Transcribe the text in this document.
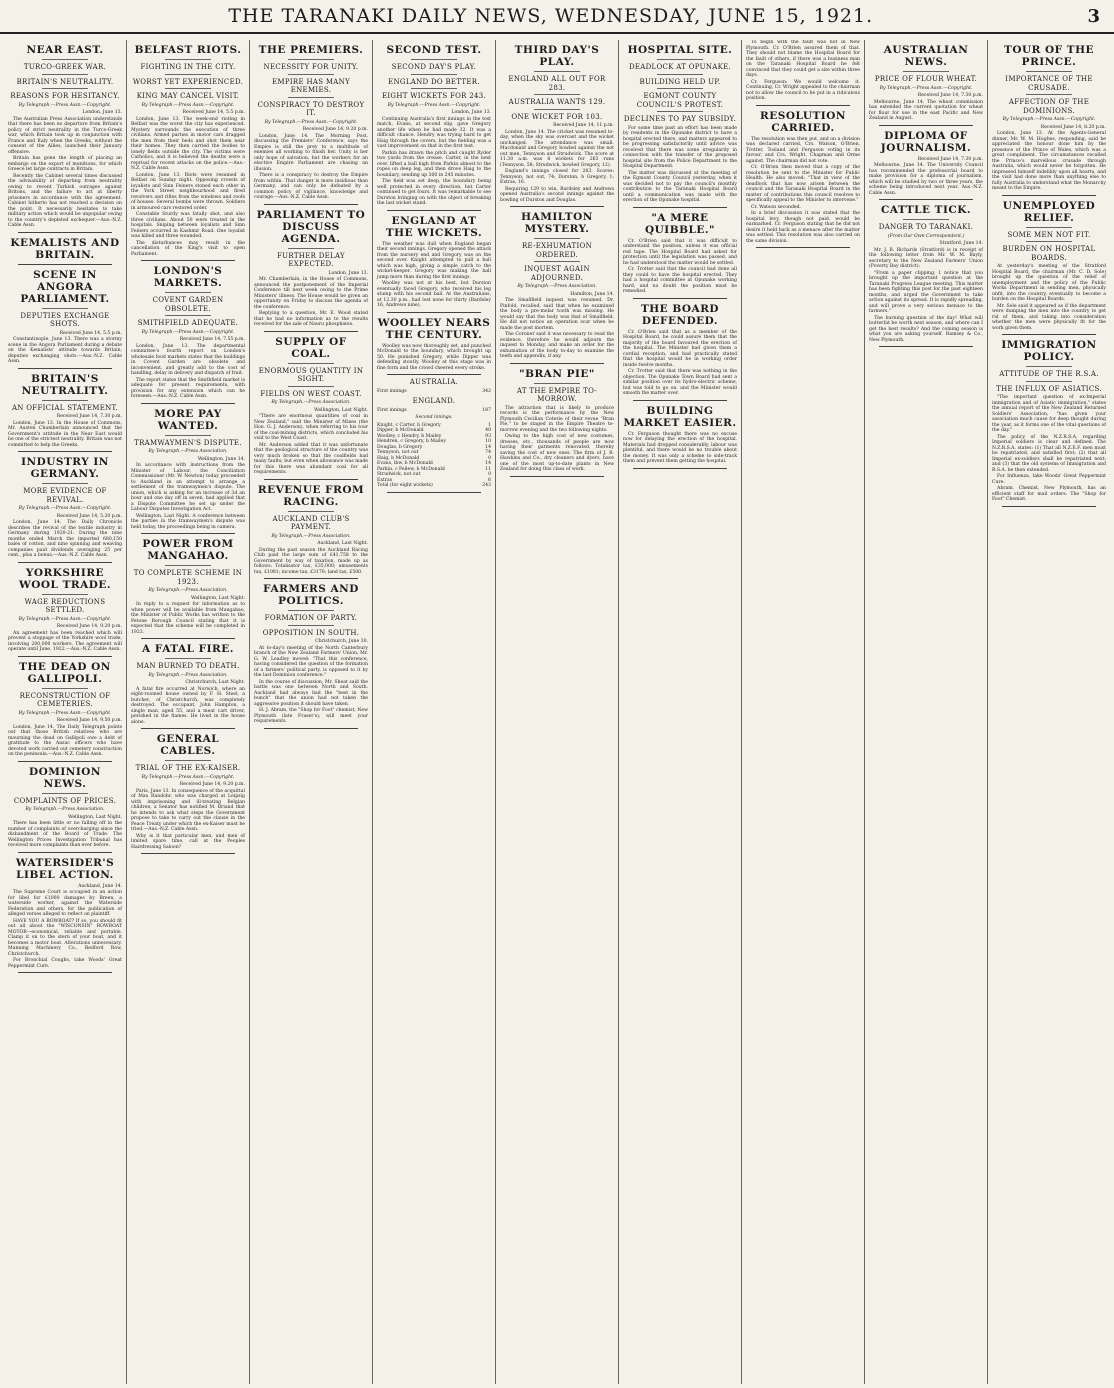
THE TARANAKI DAILY NEWS, WEDNESDAY, JUNE 15, 1921.	3
NEAR EAST.
TURCO-GREEK WAR.
BRITAIN'S NEUTRALITY.
REASONS FOR HESITANCY.
By Telegraph.—Press Assn.—Copyright.
London, June 13.

The Australian Press Association understands that there has been no departure from Britain's policy of strict neutrality in the Turco-Greek war, which Britain took up in conjunction with France and Italy when the Greeks, without the consent of the Allies, launched their January offensive.

Britain has gone the length of placing an embargo on the export of munitions, for which Greece let large contracts in Britain.

Recently the Cabinet several times discussed the advisability of departing from neutrality owing to recent Turkish outrages against Britons, and the failure to act at liberty prisoners in accordance with the agreement. Cabinet hitherto has not reached a decision on the point. It necessarily hesitates to take military action which would be unpopular owing to the country's depleted exchequer.—Aus.-N.Z. Cable Assn.

KEMALISTS AND BRITAIN.
SCENE IN ANGORA PARLIAMENT.
DEPUTIES EXCHANGE SHOTS.
Received June 14, 5.5 p.m.

Constantinople, June 13. There was a stormy scene in the Angora Parliament during a debate on the Kemalists' attitude towards Britain, deputies exchanging shots.—Aus.-N.Z. Cable Assn.

BRITAIN'S NEUTRALITY.
AN OFFICIAL STATEMENT.
Received June 14, 7.30 p.m.

London, June 13. In the House of Commons, Mr. Austen Chamberlain announced that the Government's attitude in the Near East would be one of the strictest neutrality. Britain was not committed to help the Greeks.

INDUSTRY IN GERMANY.
MORE EVIDENCE OF REVIVAL.
By Telegraph.—Press Assn.—Copyright.
Received June 14, 5.20 p.m.

London, June 14. The Daily Chronicle describes the revival of the textile industry in Germany during 1920-21. During the nine months ended March the imported 680,150 bales of cotton, and nine spinning and weaving companies paid dividends averaging 25 per cent., plus a bonus.—Aus.-N.Z. Cable Assn.

YORKSHIRE WOOL TRADE.
WAGE REDUCTIONS SETTLED.
By Telegraph.—Press Assn.—Copyright.
Received June 14, 9.20 p.m.

An agreement has been reached which will prevent a stoppage of the Yorkshire wool trade, involving 200,000 workers. The agreement will operate until June, 1922.—Aus.-N.Z. Cable Assn.

THE DEAD ON GALLIPOLI.
RECONSTRUCTION OF CEMETERIES.
By Telegraph.—Press Assn.—Copyright.
Received June 14, 9.50 p.m.

London, June 14. The Daily Telegraph points out that those British relatives who are mourning the dead on Gallipoli owe a debt of gratitude to the Anzac officers who have devoted work carried out cemetery construction on the peninsula.—Aus.-N.Z. Cable Assn.

DOMINION NEWS.
COMPLAINTS OF PRICES.
By Telegraph.—Press Association.
Wellington, Last Night.

There has been little or no falling off in the number of complaints of overcharging since the disbandment of the Board of Trade. The Wellington Prices Investigation Tribunal has received more complaints than ever before.

WATERSIDER'S LIBEL ACTION.
Auckland, June 14.

The Supreme Court is occupied in an action for libel for £1000 damages by Breen, a waterside worker, against the Waterside Federation and others, for the publication of alleged verses alleged to reflect on plaintiff.

HAVE YOU A ROWBOAT? If so, you should fit out all about the "WISCONSIN" ROWBOAT MOTOR—economical, reliable and portable. Clamp it on to the stern of your boat, and it becomes a motor boat. Alterations unnecessary. Manning Machinery Co., Bedford Row, Christchurch.

For Bronchial Coughs, take Woods' Great Peppermint Cure.

BELFAST RIOTS.
FIGHTING IN THE CITY.
WORST YET EXPERIENCED.
KING MAY CANCEL VISIT.
By Telegraph.—Press Assn.—Copyright.
Received June 14, 5.5 p.m.

London, June 13. The week-end rioting in Belfast was the worst the city has experienced. Mystery surrounds the execution of three civilians. Armed parties in motor cars dragged the men from their beds and shot them near their homes. They then carried the bodies to lonely fields outside the city. The victims were Catholics, and it is believed the deaths were a reprisal for recent attacks on the police.—Aus.-N.Z. Cable Assn.

London, June 13. Riots were resumed in Belfast on Sunday night. Opposing crowds of loyalists and Sinn Feiners stoned each other in the York Street neighbourhood and fired revolvers and rifles from the windows and roofs of houses. Several bombs were thrown. Soldiers in armoured cars restored order.

Constable Sturdy was fatally shot, and also three civilians. About 50 were treated in the hospitals. Sniping between loyalists and Sinn Feiners occurred in Kashmir Road. One loyalist was killed and three wounded.

The disturbances may result in the cancellation of the King's visit to open Parliament.

LONDON'S MARKETS.
COVENT GARDEN OBSOLETE.
SMITHFIELD ADEQUATE.
By Telegraph.—Press Assn.—Copyright.
Received June 14, 7.55 p.m.

London, June 13. The departmental committee's fourth report on London's wholesale food markets states that the buildings in Covent Garden are obsolete and inconvenient, and greatly add to the cost of handling, delay in delivery and dispatch of fruit.

The report states that the Smithfield market is adequate for present requirements, with provision for any extension which can be foreseen.—Aus.-N.Z. Cable Assn.

MORE PAY WANTED.
TRAMWAYMEN'S DISPUTE.
By Telegraph.—Press Association.
Wellington, June 14.

In accordance with instructions from the Minister of Labour, the Conciliation Commissioner (Mr. W. Newton) today proceeded to Auckland in an attempt to arrange a settlement of the tramwaymen's dispute. The union, which is asking for an increase of 3d an hour and one day off in seven, had applied that a Dispute Committee be set up under the Labour Disputes Investigation Act.

Wellington, Last Night. A conference between the parties in the tramwaymen's dispute was held today, the proceedings being in camera.

POWER FROM MANGAHAO.
TO COMPLETE SCHEME IN 1923.
By Telegraph.—Press Association.
Wellington, Last Night.

In reply to a request for information as to when power will be available from Mangahao, the Minister of Public Works has written to the Petone Borough Council stating that it is expected that the scheme will be completed in 1923.

A FATAL FIRE.
MAN BURNED TO DEATH.
By Telegraph.—Press Association.
Christchurch, Last Night.

A fatal fire occurred at Norwich, where an eight-roomed house owned by F. H. Steel, a butcher, of Christchurch, was completely destroyed. The occupant, John Hampton, a single man, aged 55, and a meat cart driver, perished in the flames. He lived in the house alone.

GENERAL CABLES.
TRIAL OF THE EX-KAISER.
By Telegraph.—Press Assn.—Copyright.
Received June 14, 9.20 p.m.

Paris, June 13. In consequence of the acquittal of Max Randohr, who was charged at Leipzig with imprisoning and ill-treating Belgian children, a Senator has notified M. Briand that he intends to ask what steps the Government propose to take to carry out the clause in the Peace Treaty under which the ex-Kaiser must be tried.—Aus.-N.Z. Cable Assn.

Why is it that particular men, and men of limited spare time, call at the Peoples Hairdressing Saloon?

THE PREMIERS.
NECESSITY FOR UNITY.
EMPIRE HAS MANY ENEMIES.
CONSPIRACY TO DESTROY IT.
By Telegraph.—Press Assn.—Copyright.
Received June 14, 9.20 p.m.

London, June 14. The Morning Post, discussing the Premiers' Conference, says the Empire is still the prey to a multitude of enemies all working to finish her. Unity is her only hope of salvation, but the workers for an elective Empire Parliament are chasing an illusion.

There is a conspiracy to destroy the Empire from within. That danger is more insidious than Germany, and can only be defeated by a common policy of vigilance, knowledge and courage.—Aus.-N.Z. Cable Assn.

PARLIAMENT TO DISCUSS AGENDA.
FURTHER DELAY EXPECTED.
London, June 13.

Mr. Chamberlain, in the House of Commons, announced the postponement of the Imperial Conference till next week owing to the Prime Ministers' illness. The House would be given an opportunity on Friday to discuss the agenda of the conference.

Replying to a question, Mr. E. Wood stated that he had no information as to the results received for the sale of Nauru phosphates.

SUPPLY OF COAL.
ENORMOUS QUANTITY IN SIGHT.
FIELDS ON WEST COAST.
By Telegraph.—Press Association.
Wellington, Last Night.

"There are enormous quantities of coal in New Zealand," said the Minister of Mines (the Hon. G. J. Anderson), when referring to his tour of the coal-mining districts, which concluded his visit to the West Coast.

Mr. Anderson added that it was unfortunate that the geological structure of the country was very much broken so that the coalfields had many faults; but even when allowance was made for this there was abundant coal for all requirements.

REVENUE FROM RACING.
AUCKLAND CLUB'S PAYMENT.
By Telegraph.—Press Association.
Auckland, Last Night.

During the past season the Auckland Racing Club paid the large sum of £41,758 to the Government by way of taxation, made up as follows: Totalisator tax, £35,000; amusements tax, £1081; income tax, £3170; land tax, £500.

FARMERS AND POLITICS.
FORMATION OF PARTY.
OPPOSITION IN SOUTH.
Christchurch, June 30.

At to-day's meeting of the North Canterbury branch of the New Zealand Farmers' Union, Mr. G. W. Leadley moved: "That this conference, having considered the question of the formation of a farmers' political party, is opposed to it by the last Dominion conference."

In the course of discussion, Mr. Sheat said the battle was one between North and South. Auckland had always had the "best in the bunch" that the union had not taken the aggressive position it should have taken.

H. J. Abram, the "Shop for Foot" chemist, New Plymouth (late Fraser's), will meet your requirements.

SECOND TEST.
SECOND DAY'S PLAY.
ENGLAND DO BETTER.
EIGHT WICKETS FOR 243.
By Telegraph.—Press Assn.—Copyright.
London, June 13.

Continuing Australia's first innings in the test match, Evans, at second slip, gave Gregory another life when he had made 32. It was a difficult chance. Hendry was trying hard to get Haig through the covers, but the fielding was a vast improvement on that in the first test.

Parkin has drawn the pitch and caught Ryder two yards from the crease. Carter, in the next over, lifted a ball high from Parkin almost to the ropes on deep leg, and then drove Haig to the boundary, sending up 300 in 245 minutes.

The field was set deep, the boundary being well protected in every direction, but Carter continued to get fours. It was remarkable to see Durston bringing on with the object of breaking the last wicket stand.

ENGLAND AT THE WICKETS.

The weather was dull when England began their second innings. Gregory opened the attack from the nursery end and Gregory was on the second over. Knight attempted to pull a ball which was high, giving a simple catch to the wicket-keeper. Gregory was making the ball jump more than during the first innings.

Woolley was not at his best, but Durston eventually faced Gregory, who received his leg stump with his second ball. At the Australians, at 12.30 p.m., had lost none for thirty (Bardsley 16, Andrews nine).

WOOLLEY NEARS THE CENTURY.

Woolley was now thoroughly set, and punched McDonald to the boundary, which brought up 50. He punished Gregory, while Dipper was defending stoutly. Woolley at this stage was in fine form and the crowd cheered every stroke.

AUSTRALIA.
First innings	342
ENGLAND.
First innings	187
Second innings.
Knight, c Carter, b Gregory	1
Dipper, b McDonald	40
Woolley, c Hendry, b Mailey	93
Hendren, c Gregory, b Mailey	10
Douglas, b Gregory	14
Tennyson, not out	74
Haig, b McDonald	0
Evans, lbw, b McDonald	14
Parkin, c Pellew, b McDonald	11
Strudwick, not out	0
Extras	6
Total (for eight wickets)	243
THIRD DAY'S PLAY.
ENGLAND ALL OUT FOR 283.
AUSTRALIA WANTS 129.
ONE WICKET FOR 103.
Received June 14, 11 p.m.

London, June 14. The cricket was resumed to-day, when the sky was overcast and the wicket unchanged. The attendance was small. Macdonald and Gregory bowled against the not out men, Tennyson and Strudwick. The score at 11.30 a.m. was 8 wickets for 263 runs (Tennyson, 58; Strudwick, bowled Gregory, 12).

England's innings closed for 283. Scores: Tennyson, not out, 74; Durston, b Gregory, 1; Extras, 16.

Requiring 129 to win, Bardsley and Andrews opened Australia's second innings against the bowling of Durston and Douglas.

HAMILTON MYSTERY.
RE-EXHUMATION ORDERED.
INQUEST AGAIN ADJOURNED.
By Telegraph.—Press Association.
Hamilton, June 14.

The Smallfield inquest was resumed. Dr. Pinfold, recalled, said that when he examined the body a pre-molar tooth was missing. He would say that the body was that of Smallfield. He did not notice an operation scar when he made the post mortem.

The Coroner said it was necessary to read the evidence, therefore he would adjourn the inquest to Monday, and make an order for the exhumation of the body to-day to examine the teeth and appendix, if any.

"BRAN PIE"
AT THE EMPIRE TO-MORROW.

The attraction that is likely to produce records is the performance by the New Plymouth Cecilian Coterie of their revue "Bran Pie," to be staged in the Empire Theatre to-morrow evening and the two following nights.

Owing to the high cost of new costumes, dresses, etc., thousands of people are now having their garments renovated, thereby saving the cost of new ones. The firm of J. R. Hawkins and Co., dry cleaners and dyers, have one of the most up-to-date plants in New Zealand for doing this class of work.

HOSPITAL SITE.
DEADLOCK AT OPUNAKE.
BUILDING HELD UP.
EGMONT COUNTY COUNCIL'S PROTEST.
DECLINES TO PAY SUBSIDY.

For some time past an effort has been made by residents in the Opunake district to have a hospital erected there, and matters appeared to be progressing satisfactorily until advice was received that there was some irregularity in connection with the transfer of the proposed hospital site from the Police Department to the Hospital Department.

The matter was discussed at the meeting of the Egmont County Council yesterday, when it was decided not to pay the council's monthly contribution to the Taranaki Hospital Board until a communication was made with the erection of the Opunake hospital.

"A MERE QUIBBLE."

Cr. O'Brien said that it was difficult to understand the position, unless it was official red tape. The Hospital Board had asked for protection until the legislation was passed, and he had understood the matter would be settled.

Cr. Trotter said that the council had done all they could to have the hospital erected. They had a hospital committee at Opunake working hard, and no doubt the position must be remedied.

THE BOARD DEFENDED.

Cr. O'Brien said that as a member of the Hospital Board, he could assure them that the majority of the board favoured the erection of the hospital. The Minister had given them a cordial reception, and had practically stated that the hospital would be in working order inside twelve months.

Cr. Trotter said that there was nothing in the objection. The Opunake Town Board had sent a similar position over its hydro-electric scheme, but was told to go on, and the Minister would smooth the matter over.

BUILDING MARKET EASIER.

Cr. Ferguson thought there was no excuse now for delaying the erection of the hospital. Materials had dropped considerably, labour was plentiful, and there would be no trouble about the money. It was only a scheme to side-track them and prevent them getting the hospital.

To begin with the fault was not in New Plymouth. Cr. O'Brien assured them of that. They should not blame the Hospital Board for the fault of others, if there was a business man on the Taranaki Hospital Board he felt convinced that they could get a site within three days.

Cr. Ferguson: We would welcome it. Continuing, Cr. Wright appealed to the chairman not to allow the council to be put in a ridiculous position.

RESOLUTION CARRIED.

The resolution was then put, and on a division was declared carried, Crs. Watson, O'Brien, Trotter, Tosland and Ferguson voting in its favour, and Crs. Wright, Chapman and Orme against. The chairman did not vote.

Cr. O'Brien then moved that a copy of the resolution be sent to the Minister for Public Health. He also moved: "That in view of the deadlock that has now arisen between the council and the Taranaki Hospital Board in the matter of contributions this council resolves to specifically appeal to the Minister to intervene."

Cr. Watson seconded.

In a brief discussion it was stated that the hospital levy, though not paid, would be earmarked. Cr. Ferguson stating that he did not desire it held back as a menace after the matter was settled. This resolution was also carried on the same division.

AUSTRALIAN NEWS.
PRICE OF FLOUR WHEAT.
By Telegraph.—Press Assn.—Copyright.
Received June 14, 7.30 p.m.

Melbourne, June 14. The wheat commission has extended the current quotation for wheat for flour for use in the east Pacific and New Zealand in August.

DIPLOMA OF JOURNALISM.
Received June 14, 7.30 p.m.

Melbourne, June 14. The University Council has recommended the professorial board to make provision for a diploma of journalism, which will be studied by two or three years, the scheme being introduced next year. Aus.-N.Z. Cable Assn.

CATTLE TICK.
DANGER TO TARANAKI.
(From Our Own Correspondent.)
Stratford, June 14.

Mr. J. B. Richards (Stratford) is in receipt of the following letter from Mr. W. M. Bayly, secretary to the New Zealand Farmers' Union (Poverty Bay district):

"From a paper clipping, I notice that you brought up the important question at the Taranaki Progress League meeting. This matter has been fighting this post for the past eighteen months, and urged the Government to take action against its spread. It is rapidly spreading, and will prove a very serious menace to the farmers."

The burning question of the day! What will butterfat be worth next season, and where can I get the best results? And the coming season is what you are asking yourself. Ramsey & Co., New Plymouth.

TOUR OF THE PRINCE.
IMPORTANCE OF THE CRUSADE.
AFFECTION OF THE DOMINIONS.
By Telegraph.—Press Assn.—Copyright.
Received June 14, 8.20 p.m.

London, June 13. At the Agents-General dinner, Mr. W. M. Hughes, responding, said he appreciated the honour done him by the presence of the Prince of Wales, which was a great compliment. The circumstances recalled the Prince's marvellous crusade through Australia, which would never be forgotten. He impressed himself indelibly upon all hearts, and the visit had done more than anything else to fully Australia to understand what the Monarchy meant to the Empire.

UNEMPLOYED RELIEF.
SOME MEN NOT FIT.
BURDEN ON HOSPITAL BOARDS.

At yesterday's meeting of the Stratford Hospital Board, the chairman (Mr. C. D. Sole) brought up the question of the relief of unemployment and the policy of the Public Works Department in sending men, physically unfit, into the country, eventually to become a burden on the Hospital Boards.

Mr. Sole said it appeared as if the department were dumping the men into the country to get rid of them, and taking into consideration whether the men were physically fit for the work given them.

IMMIGRATION POLICY.
ATTITUDE OF THE R.S.A.
THE INFLUX OF ASIATICS.

"The important question of ex-Imperial immigration and of Asiatic immigration," states the annual report of the New Zealand Returned Soldiers' Association, "has given your association much cause for deep thought during the year, as it forms one of the vital questions of the day."

The policy of the N.Z.R.S.A. regarding Imperial soldiers is clear and defined. The N.Z.R.S.A. states: (1) That all N.Z.E.F. men must be repatriated, and satisfied first; (2) that all Imperial ex-soldiers shall be repatriated next; and (3) that the old systems of Immigration and R.S.A. be then extended.

For Influenza, take Woods' Great Peppermint Cure.

Abram, Chemist, New Plymouth, has an efficient staff for mail orders. The "Shop for Foot" Chemist.
